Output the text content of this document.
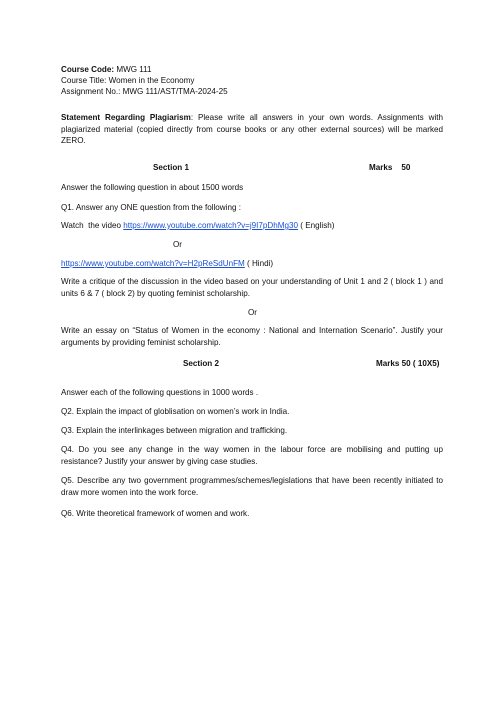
Course Code: MWG 111
Course Title: Women in the Economy
Assignment No.: MWG 111/AST/TMA-2024-25
Statement Regarding Plagiarism: Please write all answers in your own words. Assignments with plagiarized material (copied directly from course books or any other external sources) will be marked ZERO.
Section 1	Marks    50
Answer the following question in about 1500 words
Q1. Answer any ONE question from the following :
Watch  the video https://www.youtube.com/watch?v=j9I7pDhMg30 ( English)
Or
https://www.youtube.com/watch?v=H2pReSdUnFM ( Hindi)
Write a critique of the discussion in the video based on your understanding of Unit 1 and 2 ( block 1 ) and units 6 & 7 ( block 2) by quoting feminist scholarship.
Or
Write an essay on “Status of Women in the economy : National and Internation Scenario”. Justify your arguments by providing feminist scholarship.
Section 2	Marks 50 ( 10X5)
Answer each of the following questions in 1000 words .
Q2. Explain the impact of globlisation on women’s work in India.
Q3. Explain the interlinkages between migration and trafficking.
Q4. Do you see any change in the way women in the labour force are mobilising and putting up resistance? Justify your answer by giving case studies.
Q5. Describe any two government programmes/schemes/legislations that have been recently initiated to draw more women into the work force.
Q6. Write theoretical framework of women and work.
